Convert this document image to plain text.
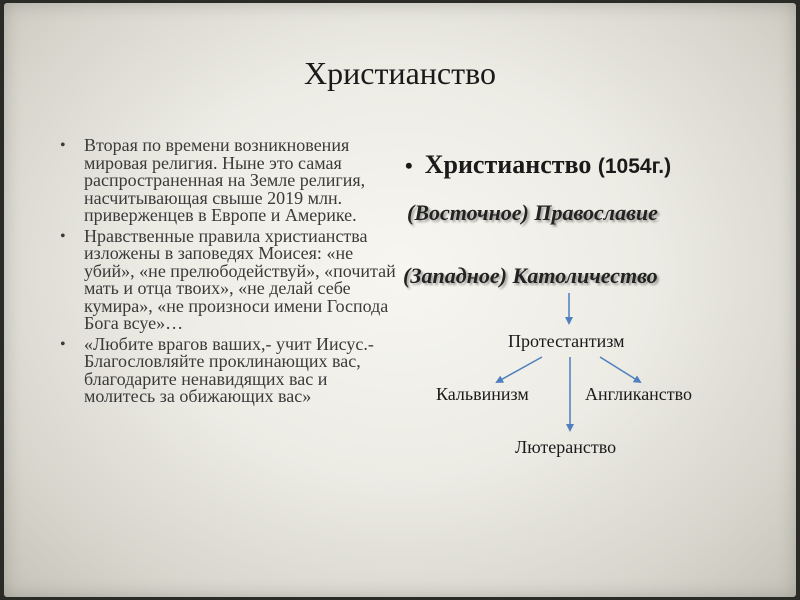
Христианство
• Вторая по времени возникновения мировая религия. Ныне это самая распространенная на Земле религия, насчитывающая свыше 2019 млн. приверженцев в Европе и Америке.
• Нравственные правила христианства изложены в заповедях Моисея: «не убий», «не прелюбодействуй», «почитай мать и отца твоих», «не делай себе кумира», «не произноси имени Господа Бога всуе»…
• «Любите врагов ваших,- учит Иисус.- Благословляйте проклинающих вас, благодарите ненавидящих вас и молитесь за обижающих вас»
• Христианство (1054г.)
(Восточное) Православие
(Западное) Католичество
Протестантизм
Кальвинизм	Англиканство
Лютеранство
